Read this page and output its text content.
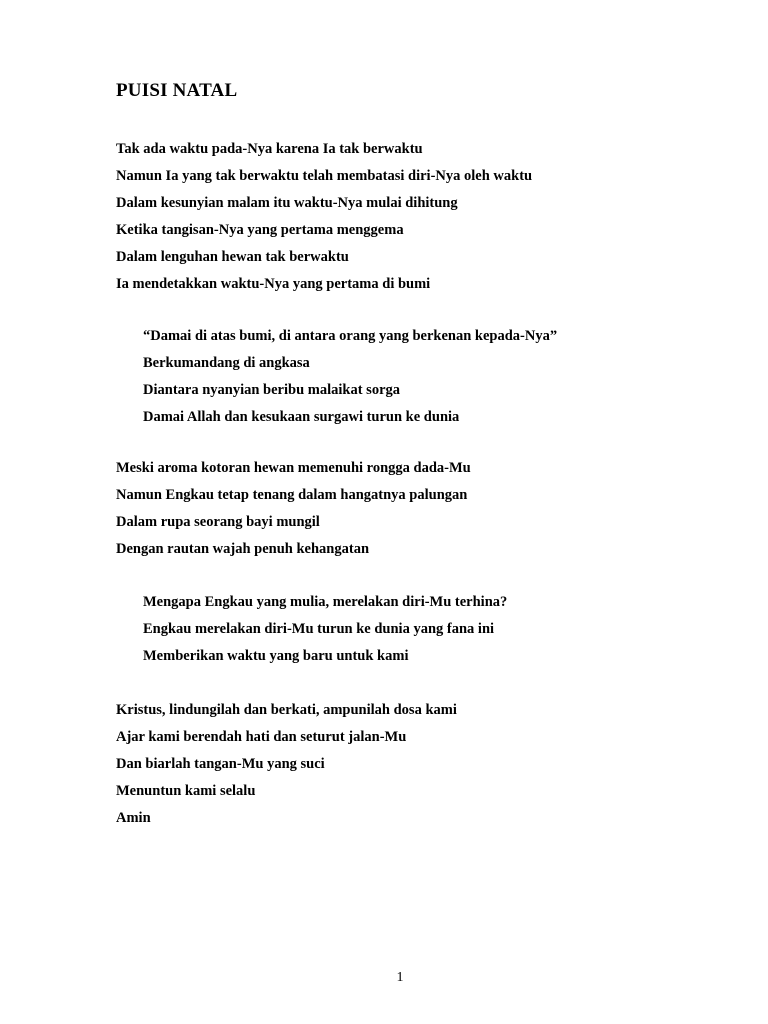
PUISI NATAL
Tak ada waktu pada-Nya karena Ia tak berwaktu
Namun Ia yang tak berwaktu telah membatasi diri-Nya oleh waktu
Dalam kesunyian malam itu waktu-Nya mulai dihitung
Ketika tangisan-Nya yang pertama menggema
Dalam lenguhan hewan tak berwaktu
Ia mendetakkan waktu-Nya yang pertama di bumi
“Damai di atas bumi, di antara orang yang berkenan kepada-Nya”
Berkumandang di angkasa
Diantara nyanyian beribu malaikat sorga
Damai Allah dan kesukaan surgawi turun ke dunia
Meski aroma kotoran hewan memenuhi rongga dada-Mu
Namun Engkau tetap tenang dalam hangatnya palungan
Dalam rupa seorang bayi mungil
Dengan rautan wajah penuh kehangatan
Mengapa Engkau yang mulia, merelakan diri-Mu terhina?
Engkau merelakan diri-Mu turun ke dunia yang fana ini
Memberikan waktu yang baru untuk kami
Kristus, lindungilah dan berkati, ampunilah dosa kami
Ajar kami berendah hati dan seturut jalan-Mu
Dan biarlah tangan-Mu yang suci
Menuntun kami selalu
Amin
1
